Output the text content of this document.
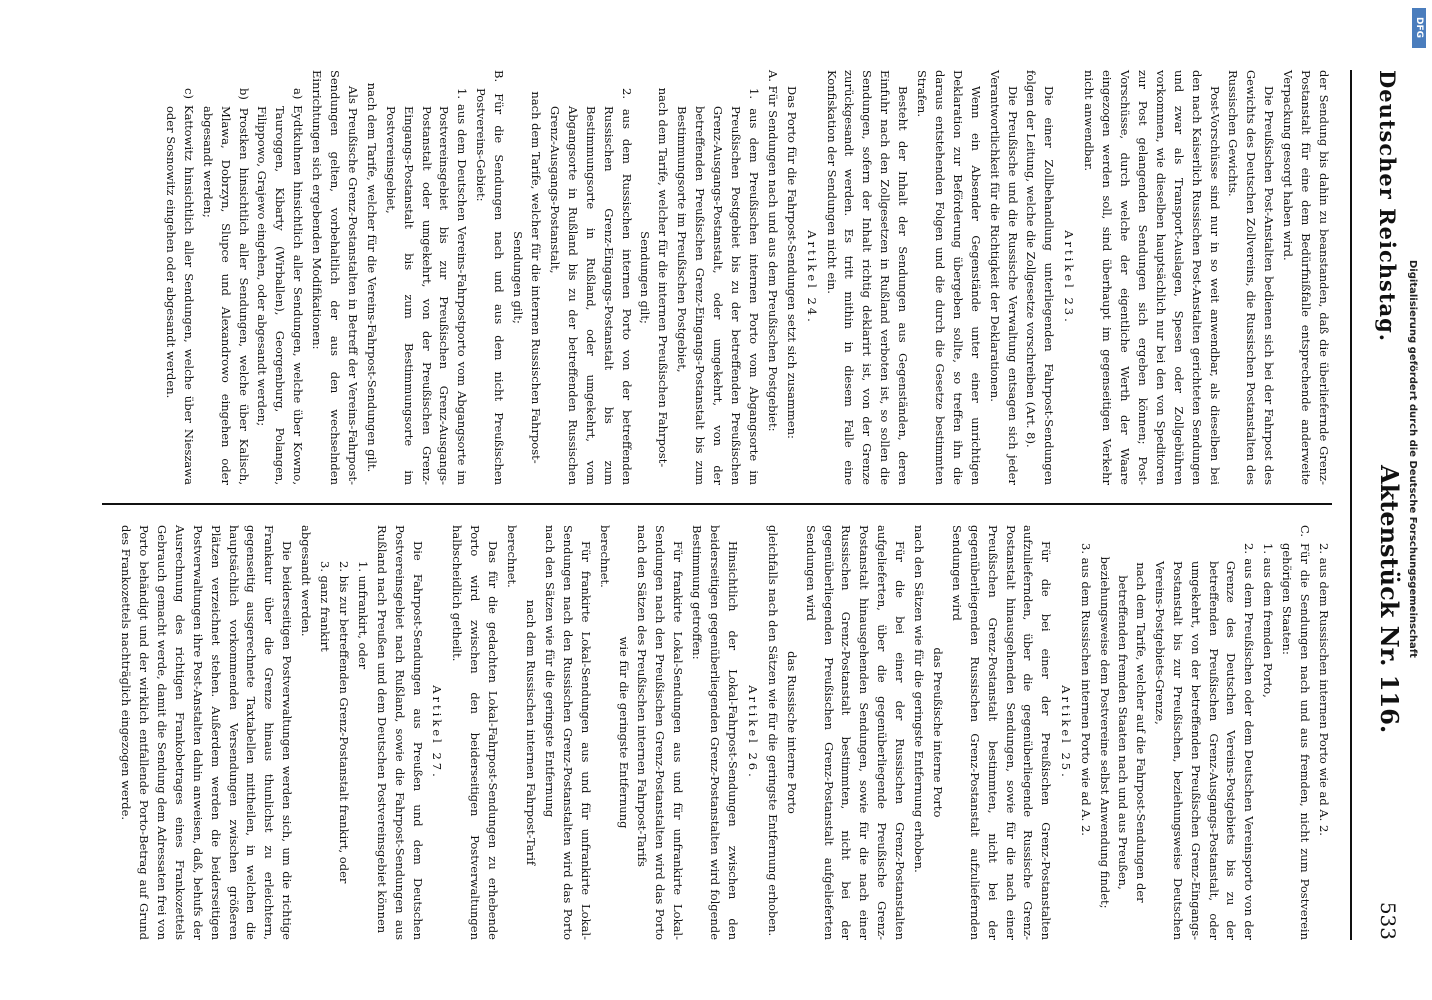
Deutscher Reichstag.
Aktenstück Nr. 116.
533

der Sendung bis dahin zu beanstanden, daß die überliefernde Grenz-Postanstalt für eine dem Bedürfnißfalle entsprechende anderweite Verpackung gesorgt haben wird.

Die Preußischen Post-Anstalten bedienen sich bei der Fahrpost des Gewichts des Deutschen Zollvereins, die Russischen Postanstalten des Russischen Gewichts.

Post-Vorschüsse sind nur in so weit anwendbar, als dieselben bei den nach Kaiserlich Russischen Post-Anstalten gerichteten Sendungen und zwar als Transport-Auslagen, Spesen oder Zollgebühren vorkommen, wie dieselben hauptsächlich nur bei den von Speditoren zur Post gelangenden Sendungen sich ergeben können; Post-Vorschüsse, durch welche der eigentliche Werth der Waare eingezogen werden soll, sind überhaupt im gegenseitigen Verkehr nicht anwendbar.

Artikel 23.

Die einer Zollbehandlung unterliegenden Fahrpost-Sendungen folgen der Leitung, welche die Zollgesetze vorschreiben (Art. 8).

Die Preußische und die Russische Verwaltung entsagen sich jeder Verantwortlichkeit für die Richtigkeit der Deklarationen.

Wenn ein Absender Gegenstände unter einer unrichtigen Deklaration zur Beförderung übergeben sollte, so treffen ihn die daraus entstehenden Folgen und die durch die Gesetze bestimmten Strafen.

Besteht der Inhalt der Sendungen aus Gegenständen, deren Einfuhr nach den Zollgesetzen in Rußland verboten ist, so sollen die Sendungen, sofern der Inhalt richtig deklarirt ist, von der Grenze zurückgesandt werden. Es tritt mithin in diesem Falle eine Konfiskation der Sendungen nicht ein.

Artikel 24.

Das Porto für die Fahrpost-Sendungen setzt sich zusammen:

A. Für Sendungen nach und aus dem Preußischen Postgebiet:

1. aus dem Preußischen internen Porto vom Abgangsorte im Preußischen Postgebiet bis zu der betreffenden Preußischen Grenz-Ausgangs-Postanstalt, oder umgekehrt, von der betreffenden Preußischen Grenz-Eingangs-Postanstalt bis zum Bestimmungsorte im Preußischen Postgebiet,

nach dem Tarife, welcher für die internen Preußischen Fahrpost-Sendungen gilt;

2. aus dem Russischen internen Porto von der betreffenden Russischen Grenz-Eingangs-Postanstalt bis zum Bestimmungsorte in Rußland, oder umgekehrt, vom Abgangsorte in Rußland bis zu der betreffenden Russischen Grenz-Ausgangs-Postanstalt,

nach dem Tarife, welcher für die internen Russischen Fahrpost-Sendungen gilt;

B. Für die Sendungen nach und aus dem nicht Preußischen Postvereins-Gebiet:

1. aus dem Deutschen Vereins-Fahrpostporto vom Abgangsorte im Postvereinsgebiet bis zur Preußischen Grenz-Ausgangs-Postanstalt oder umgekehrt, von der Preußischen Grenz-Eingangs-Postanstalt bis zum Bestimmungsorte im Postvereinsgebiet,

nach dem Tarife, welcher für die Vereins-Fahrpost-Sendungen gilt.

Als Preußische Grenz-Postanstalten in Betreff der Vereins-Fahrpost-Sendungen gelten, vorbehaltlich der aus den wechselnden Einrichtungen sich ergebenden Modifikationen:

a) Eydtkuhnen hinsichtlich aller Sendungen, welche über Kowno, Tauroggen, Kibarty (Wirballen), Georgenburg, Polangen, Filippowo, Grajewo eingehen, oder abgesandt werden;

b) Prostken hinsichtlich aller Sendungen, welche über Kalisch, Mlawa, Dobrzyn, Slupce und Alexandrowo eingehen oder abgesandt werden;

c) Kattowitz hinsichtlich aller Sendungen, welche über Nieszawa oder Sosnowitz eingehen oder abgesandt werden.

2. aus dem Russischen internen Porto wie ad A. 2.

C. Für die Sendungen nach und aus fremden, nicht zum Postverein gehörigen Staaten:

1. aus dem fremden Porto,

2. aus dem Preußischen oder dem Deutschen Vereinsporto von der Grenze des Deutschen Vereins-Postgebiets bis zu der betreffenden Preußischen Grenz-Ausgangs-Postanstalt, oder umgekehrt, von der betreffenden Preußischen Grenz-Eingangs-Postanstalt bis zur Preußischen, beziehungsweise Deutschen Vereins-Postgebiets-Grenze,

nach dem Tarife, welcher auf die Fahrpost-Sendungen der betreffenden fremden Staaten nach und aus Preußen, beziehungsweise dem Postvereine selbst Anwendung findet;

3. aus dem Russischen internen Porto wie ad A. 2.

Artikel 25.

Für die bei einer der Preußischen Grenz-Postanstalten aufzuliefernden, über die gegenüberliegende Russische Grenz-Postanstalt hinausgehenden Sendungen, sowie für die nach einer Preußischen Grenz-Postanstalt bestimmten, nicht bei der gegenüberliegenden Russischen Grenz-Postanstalt aufzuliefernden Sendungen wird

das Preußische interne Porto

nach den Sätzen wie für die geringste Entfernung erhoben.

Für die bei einer der Russischen Grenz-Postanstalten aufgelieferten, über die gegenüberliegende Preußische Grenz-Postanstalt hinausgehenden Sendungen, sowie für die nach einer Russischen Grenz-Postanstalt bestimmten, nicht bei der gegenüberliegenden Preußischen Grenz-Postanstalt aufgelieferten Sendungen wird

das Russische interne Porto

gleichfalls nach den Sätzen wie für die geringste Entfernung erhoben.

Artikel 26.

Hinsichtlich der Lokal-Fahrpost-Sendungen zwischen den beiderseitigen gegenüberliegenden Grenz-Postanstalten wird folgende Bestimmung getroffen:

Für frankirte Lokal-Sendungen aus und für unfrankirte Lokal-Sendungen nach den Preußischen Grenz-Postanstalten wird das Porto nach den Sätzen des Preußischen internen Fahrpost-Tarifs

wie für die geringste Entfernung

berechnet.

Für frankirte Lokal-Sendungen aus und für unfrankirte Lokal-Sendungen nach den Russischen Grenz-Postanstalten wird das Porto nach den Sätzen wie für die geringste Entfernung

nach dem Russischen internen Fahrpost-Tarif

berechnet.

Das für die gedachten Lokal-Fahrpost-Sendungen zu erhebende Porto wird zwischen den beiderseitigen Postverwaltungen halbscheidlich getheilt.

Artikel 27.

Die Fahrpost-Sendungen aus Preußen und dem Deutschen Postvereinsgebiet nach Rußland, sowie die Fahrpost-Sendungen aus Rußland nach Preußen und dem Deutschen Postvereinsgebiet können

1. unfrankirt, oder

2. bis zur betreffenden Grenz-Postanstalt frankirt, oder

3. ganz frankirt

abgesandt werden.

Die beiderseitigen Postverwaltungen werden sich, um die richtige Frankatur über die Grenze hinaus thunlichst zu erleichtern, gegenseitig ausgerechnete Taxtabellen mittheilen, in welchen die hauptsächlich vorkommenden Versendungen zwischen größeren Plätzen verzeichnet stehen. Außerdem werden die beiderseitigen Postverwaltungen ihre Post-Anstalten dahin anweisen, daß, behufs der Ausrechnung des richtigen Frankobetrages eines Frankozettels Gebrauch gemacht werde, damit die Sendung dem Adressaten frei von Porto behändigt und der wirklich entfallende Porto-Betrag auf Grund des Frankozettels nachträglich eingezogen werde.

DFG
Digitalisierung gefördert durch die Deutsche Forschungsgemeinschaft
